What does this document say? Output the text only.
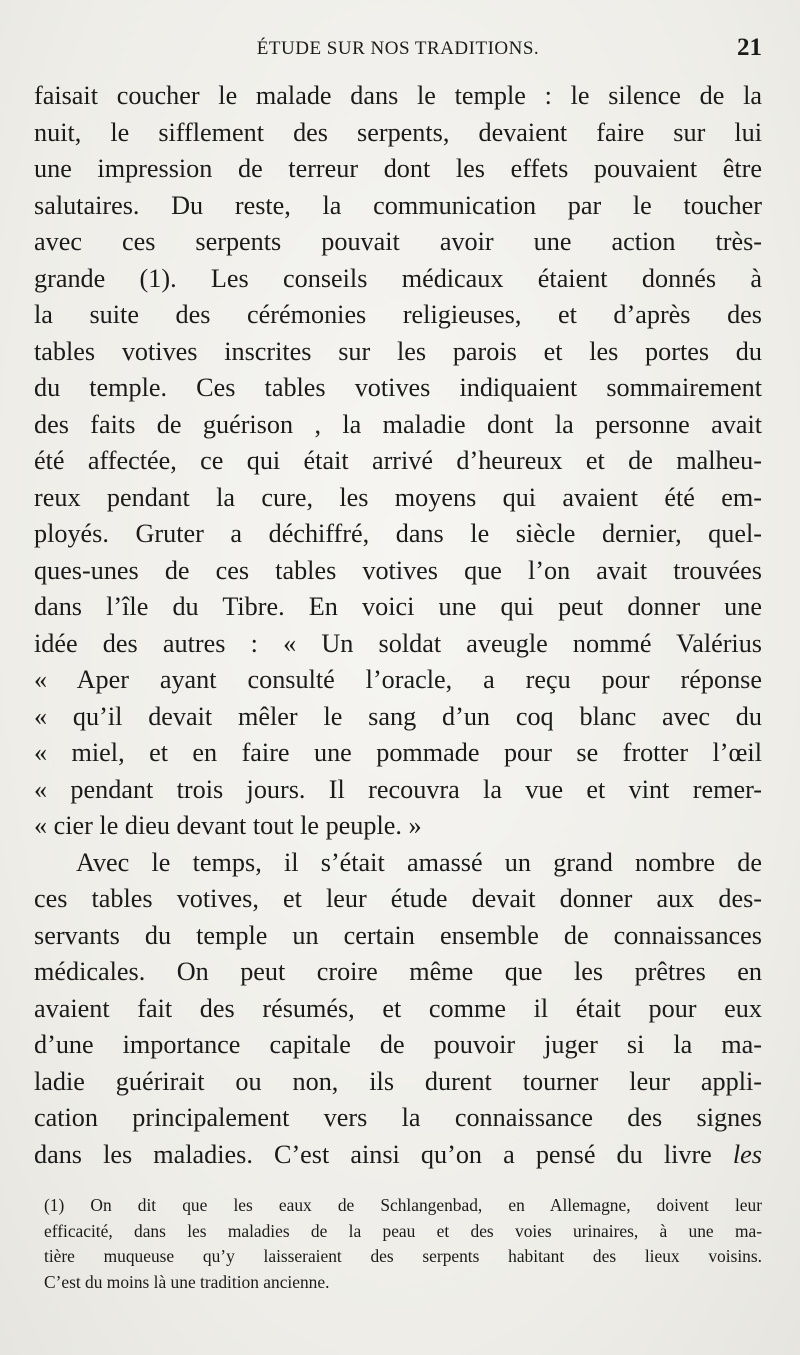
ÉTUDE SUR NOS TRADITIONS.	21
faisait coucher le malade dans le temple : le silence de la
nuit, le sifflement des serpents, devaient faire sur lui
une impression de terreur dont les effets pouvaient être
salutaires. Du reste, la communication par le toucher
avec ces serpents pouvait avoir une action très-
grande (1). Les conseils médicaux étaient donnés à
la suite des cérémonies religieuses, et d’après des
tables votives inscrites sur les parois et les portes du
du temple. Ces tables votives indiquaient sommairement
des faits de guérison , la maladie dont la personne avait
été affectée, ce qui était arrivé d’heureux et de malheu-
reux pendant la cure, les moyens qui avaient été em-
ployés. Gruter a déchiffré, dans le siècle dernier, quel-
ques-unes de ces tables votives que l’on avait trouvées
dans l’île du Tibre. En voici une qui peut donner une
idée des autres : « Un soldat aveugle nommé Valérius
« Aper ayant consulté l’oracle, a reçu pour réponse
« qu’il devait mêler le sang d’un coq blanc avec du
« miel, et en faire une pommade pour se frotter l’œil
« pendant trois jours. Il recouvra la vue et vint remer-
« cier le dieu devant tout le peuple. »
Avec le temps, il s’était amassé un grand nombre de
ces tables votives, et leur étude devait donner aux des-
servants du temple un certain ensemble de connaissances
médicales. On peut croire même que les prêtres en
avaient fait des résumés, et comme il était pour eux
d’une importance capitale de pouvoir juger si la ma-
ladie guérirait ou non, ils durent tourner leur appli-
cation principalement vers la connaissance des signes
dans les maladies. C’est ainsi qu’on a pensé du livre les
(1) On dit que les eaux de Schlangenbad, en Allemagne, doivent leur
efficacité, dans les maladies de la peau et des voies urinaires, à une ma-
tière muqueuse qu’y laisseraient des serpents habitant des lieux voisins.
C’est du moins là une tradition ancienne.
